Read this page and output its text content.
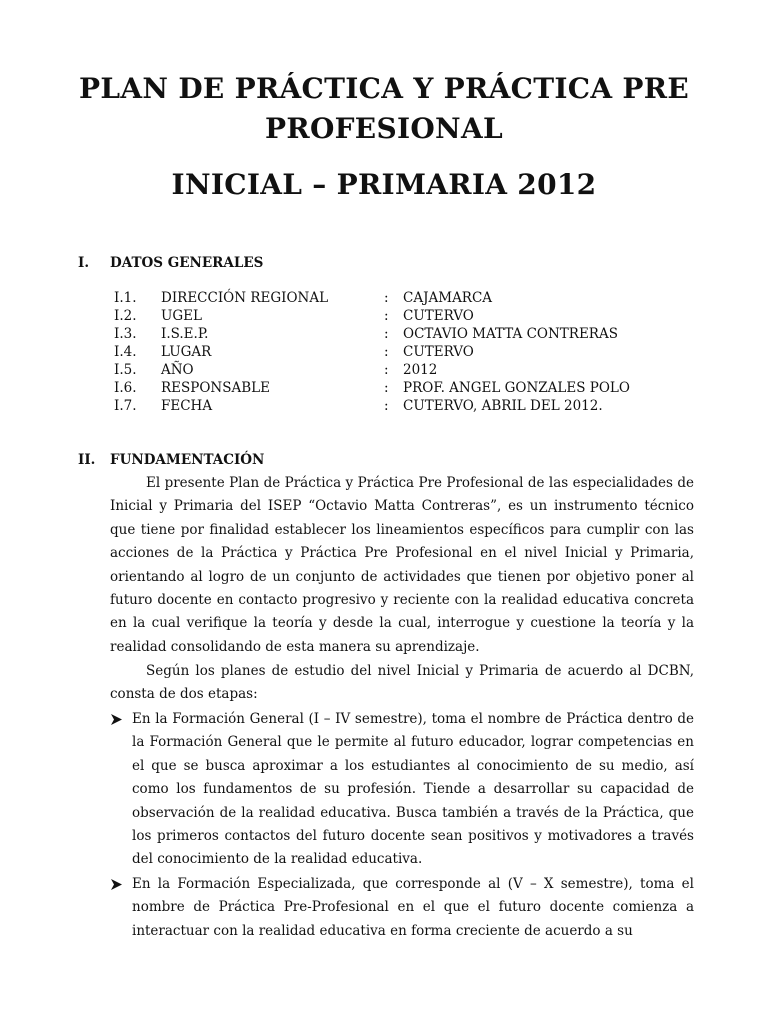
PLAN DE PRÁCTICA Y PRÁCTICA PRE
PROFESIONAL
INICIAL – PRIMARIA 2012
I. DATOS GENERALES
I.1. DIRECCIÓN REGIONAL	: CAJAMARCA
I.2. UGEL	: CUTERVO
I.3. I.S.E.P.	: OCTAVIO MATTA CONTRERAS
I.4. LUGAR	: CUTERVO
I.5. AÑO	: 2012
I.6. RESPONSABLE	: PROF. ANGEL GONZALES POLO
I.7. FECHA	: CUTERVO, ABRIL DEL 2012.
II. FUNDAMENTACIÓN
El presente Plan de Práctica y Práctica Pre Profesional de las especialidades de Inicial y Primaria del ISEP “Octavio Matta Contreras”, es un instrumento técnico que tiene por finalidad establecer los lineamientos específicos para cumplir con las acciones de la Práctica y Práctica Pre Profesional en el nivel Inicial y Primaria, orientando al logro de un conjunto de actividades que tienen por objetivo poner al futuro docente en contacto progresivo y reciente con la realidad educativa concreta en la cual verifique la teoría y desde la cual, interrogue y cuestione la teoría y la realidad consolidando de esta manera su aprendizaje.
Según los planes de estudio del nivel Inicial y Primaria de acuerdo al DCBN, consta de dos etapas:
En la Formación General (I – IV semestre), toma el nombre de Práctica dentro de la Formación General que le permite al futuro educador, lograr competencias en el que se busca aproximar a los estudiantes al conocimiento de su medio, así como los fundamentos de su profesión. Tiende a desarrollar su capacidad de observación de la realidad educativa. Busca también a través de la Práctica, que los primeros contactos del futuro docente sean positivos y motivadores a través del conocimiento de la realidad educativa.
En la Formación Especializada, que corresponde al (V – X semestre), toma el nombre de Práctica Pre-Profesional en el que el futuro docente comienza a interactuar con la realidad educativa en forma creciente de acuerdo a su
